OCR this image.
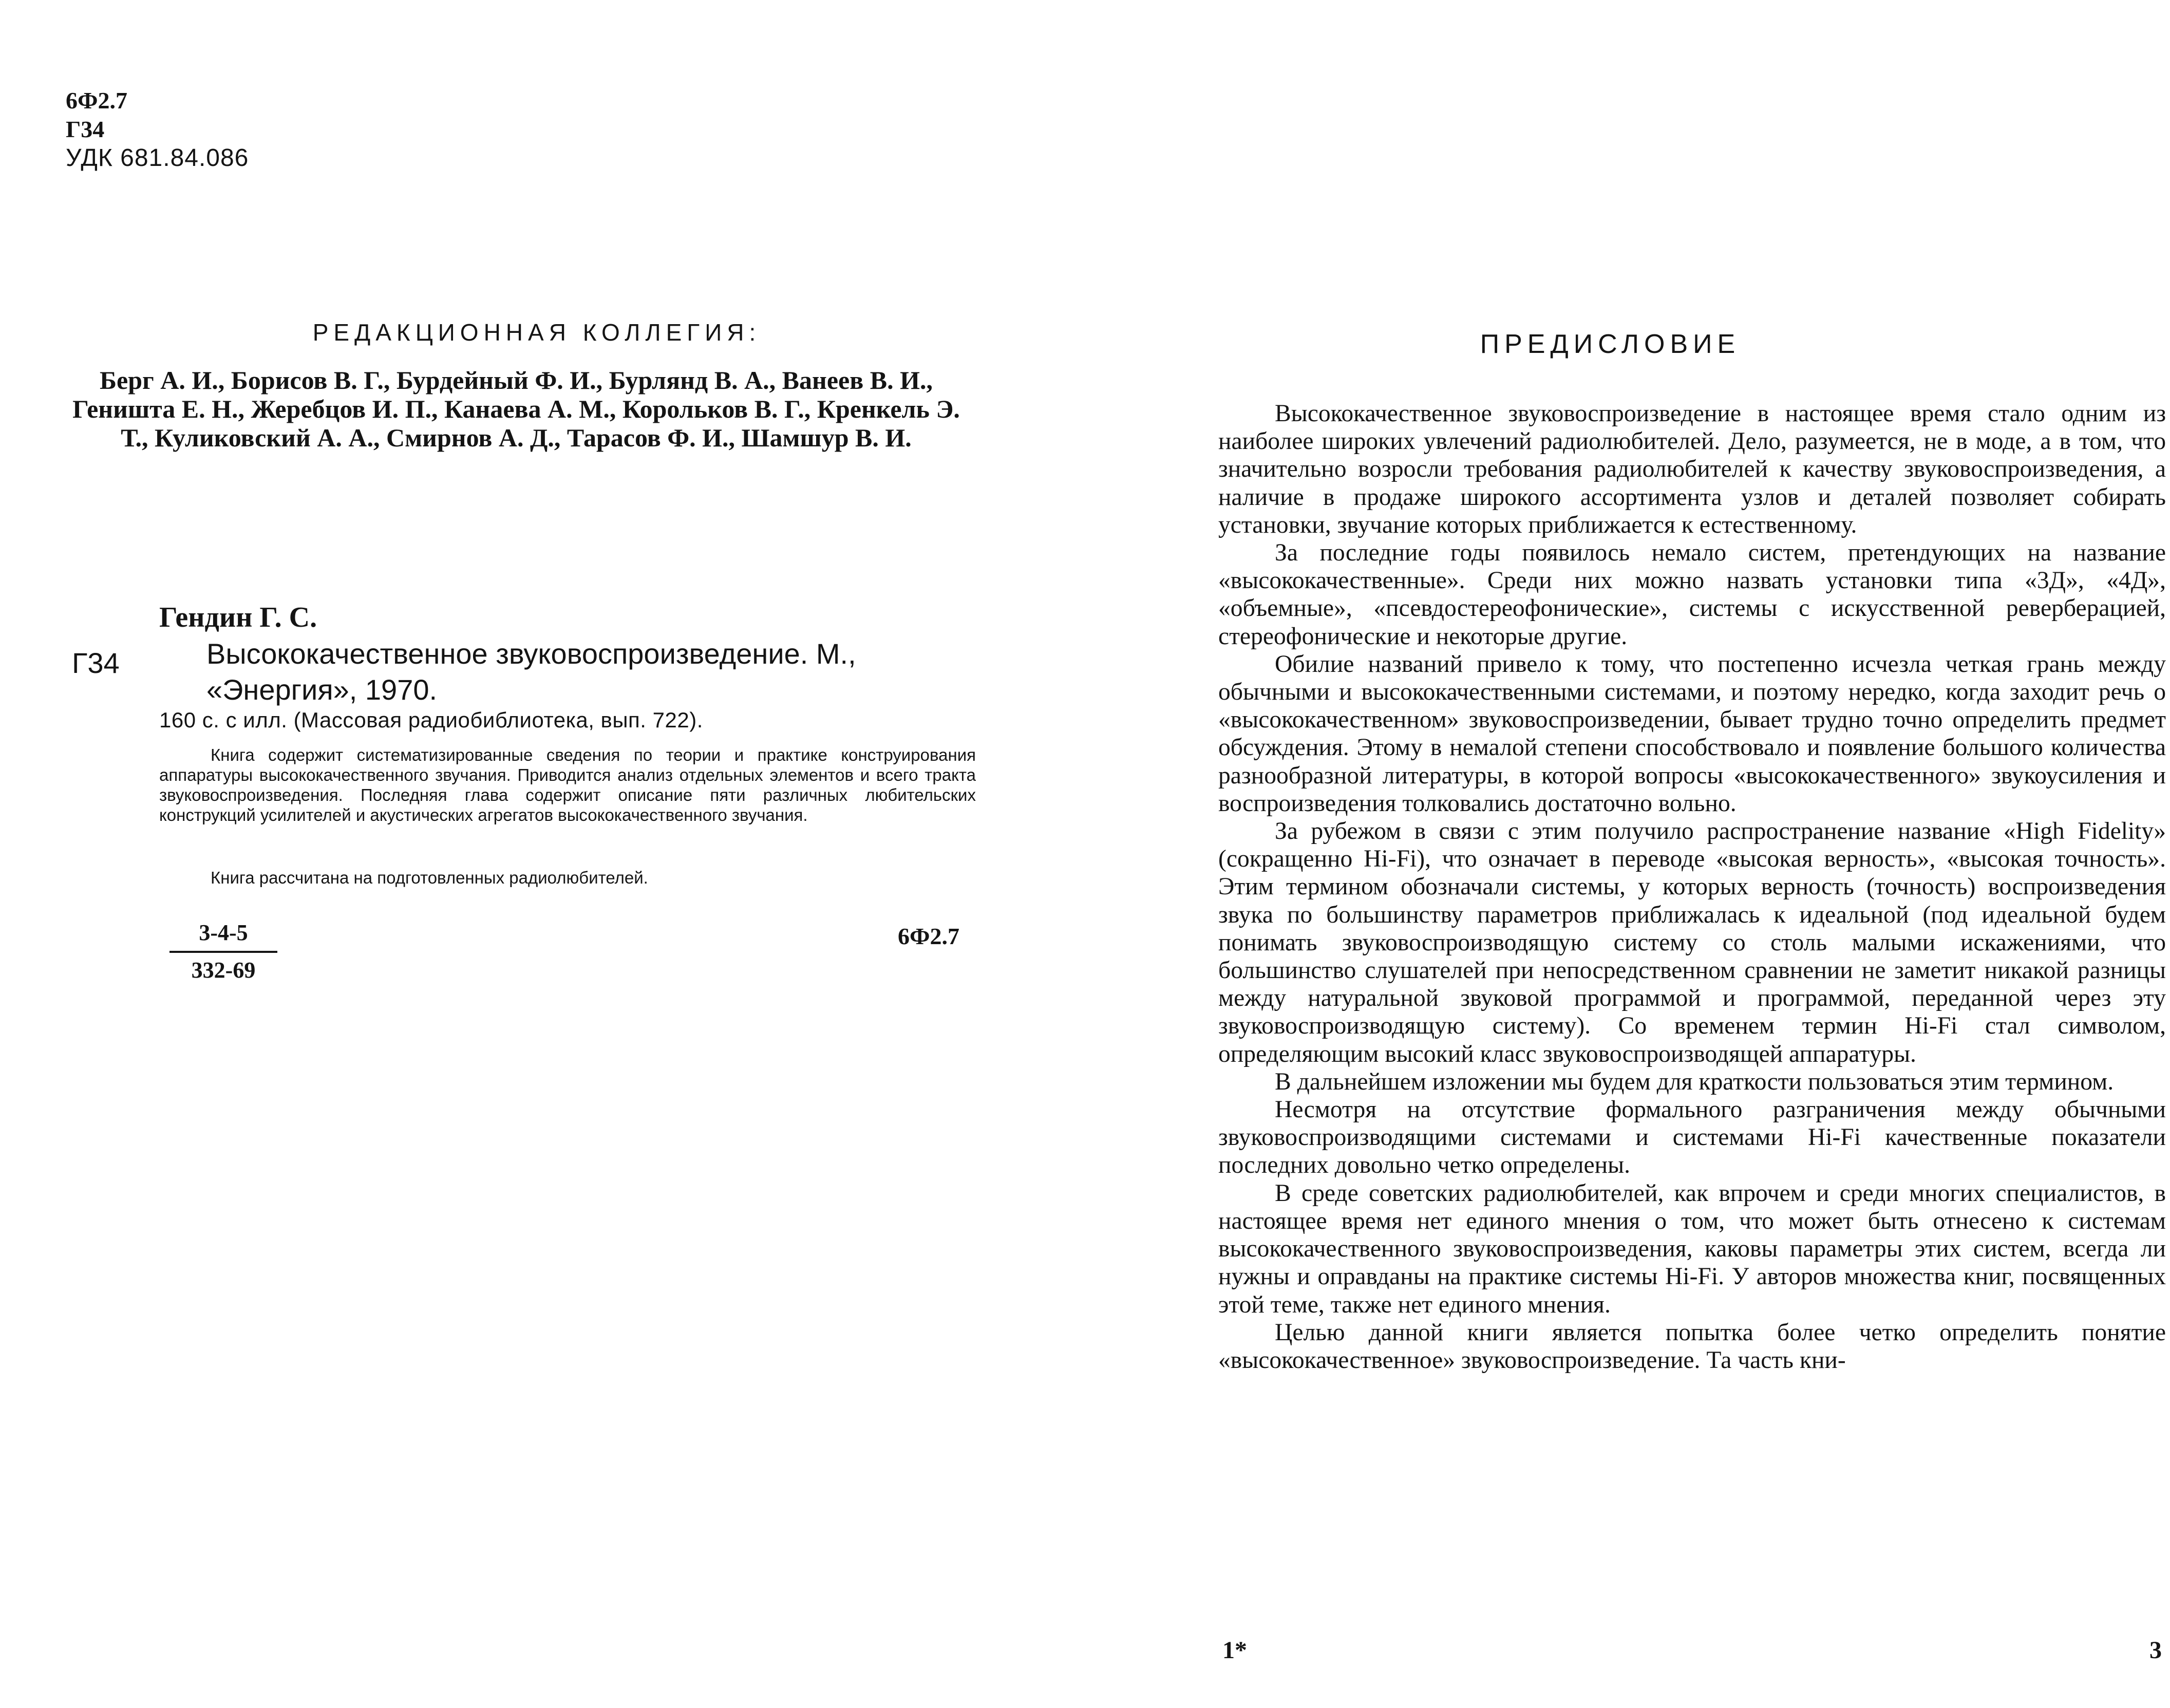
6Ф2.7
Г34
УДК 681.84.086

РЕДАКЦИОННАЯ КОЛЛЕГИЯ:

Берг А. И., Борисов В. Г., Бурдейный Ф. И., Бурлянд В. А., Ванеев В. И., Геништа Е. Н., Жеребцов И. П., Канаева А. М., Корольков В. Г., Кренкель Э. Т., Куликовский А. А., Смирнов А. Д., Тарасов Ф. И., Шамшур В. И.

Гендин Г. С.
Г34	Высококачественное звуковоспроизведение. М., «Энергия», 1970.
160 с. с илл. (Массовая радиобиблиотека, вып. 722).

Книга содержит систематизированные сведения по теории и практике конструирования аппаратуры высококачественного звучания. Приводится анализ отдельных элементов и всего тракта звуковоспроизведения. Последняя глава содержит описание пяти различных любительских конструкций усилителей и акустических агрегатов высококачественного звучания.

Книга рассчитана на подготовленных радиолюбителей.

$\frac{3-4-5}{332-69}$	6Ф2.7
ПРЕДИСЛОВИЕ

Высококачественное звуковоспроизведение в настоящее время стало одним из наиболее широких увлечений радиолюбителей. Дело, разумеется, не в моде, а в том, что значительно возросли требования радиолюбителей к качеству звуковоспроизведения, а наличие в продаже широкого ассортимента узлов и деталей позволяет собирать установки, звучание которых приближается к естественному.

За последние годы появилось немало систем, претендующих на название «высококачественные». Среди них можно назвать установки типа «3Д», «4Д», «объемные», «псевдостереофонические», системы с искусственной реверберацией, стереофонические и некоторые другие.

Обилие названий привело к тому, что постепенно исчезла четкая грань между обычными и высококачественными системами, и поэтому нередко, когда заходит речь о «высококачественном» звуковоспроизведении, бывает трудно точно определить предмет обсуждения. Этому в немалой степени способствовало и появление большого количества разнообразной литературы, в которой вопросы «высококачественного» звукоусиления и воспроизведения толковались достаточно вольно.

За рубежом в связи с этим получило распространение название «High Fidelity» (сокращенно Hi-Fi), что означает в переводе «высокая верность», «высокая точность». Этим термином обозначали системы, у которых верность (точность) воспроизведения звука по большинству параметров приближалась к идеальной (под идеальной будем понимать звуковоспроизводящую систему со столь малыми искажениями, что большинство слушателей при непосредственном сравнении не заметит никакой разницы между натуральной звуковой программой и программой, переданной через эту звуковоспроизводящую систему). Со временем термин Hi-Fi стал символом, определяющим высокий класс звуковоспроизводящей аппаратуры.

В дальнейшем изложении мы будем для краткости пользоваться этим термином.

Несмотря на отсутствие формального разграничения между обычными звуковоспроизводящими системами и системами Hi-Fi качественные показатели последних довольно четко определены.

В среде советских радиолюбителей, как впрочем и среди многих специалистов, в настоящее время нет единого мнения о том, что может быть отнесено к системам высококачественного звуковоспроизведения, каковы параметры этих систем, всегда ли нужны и оправданы на практике системы Hi-Fi. У авторов множества книг, посвященных этой теме, также нет единого мнения.

Целью данной книги является попытка более четко определить понятие «высококачественное» звуковоспроизведение. Та часть кни-

1*	3
